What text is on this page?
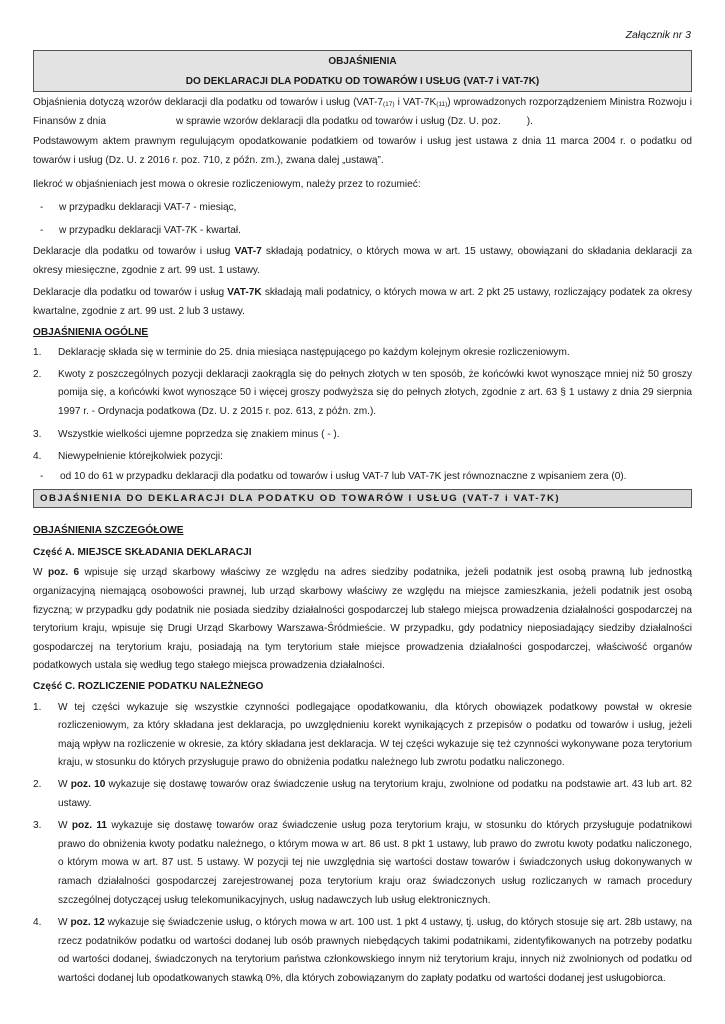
Załącznik nr 3
OBJAŚNIENIA
DO DEKLARACJI DLA PODATKU OD TOWARÓW I USŁUG (VAT-7 i VAT-7K)

Objaśnienia dotyczą wzorów deklaracji dla podatku od towarów i usług ($VAT-7_{(17)}$ i VAT-$7K_{(11)}$) wprowadzonych rozporządzeniem Ministra Rozwoju i Finansów z dnia	w sprawie wzorów deklaracji dla podatku od towarów i usług (Dz. U. poz.	).

Podstawowym aktem prawnym regulującym opodatkowanie podatkiem od towarów i usług jest ustawa z dnia 11 marca 2004 r. o podatku od towarów i usług (Dz. U. z 2016 r. poz. 710, z późn. zm.), zwana dalej „ustawą”.

Ilekroć w objaśnieniach jest mowa o okresie rozliczeniowym, należy przez to rozumieć:

-	w przypadku deklaracji VAT-7 - miesiąc,
-	w przypadku deklaracji VAT-7K - kwartał.

Deklaracje dla podatku od towarów i usług VAT-7 składają podatnicy, o których mowa w art. 15 ustawy, obowiązani do składania deklaracji za okresy miesięczne, zgodnie z art. 99 ust. 1 ustawy.

Deklaracje dla podatku od towarów i usług VAT-7K składają mali podatnicy, o których mowa w art. 2 pkt 25 ustawy, rozliczający podatek za okresy kwartalne, zgodnie z art. 99 ust. 2 lub 3 ustawy.

OBJAŚNIENIA OGÓLNE
1.	Deklarację składa się w terminie do 25. dnia miesiąca następującego po każdym kolejnym okresie rozliczeniowym.
2.	Kwoty z poszczególnych pozycji deklaracji zaokrągla się do pełnych złotych w ten sposób, że końcówki kwot wynoszące mniej niż 50 groszy pomija się, a końcówki kwot wynoszące 50 i więcej groszy podwyższa się do pełnych złotych, zgodnie z art. 63 § 1 ustawy z dnia 29 sierpnia 1997 r. - Ordynacja podatkowa (Dz. U. z 2015 r. poz. 613, z późn. zm.).
3.	Wszystkie wielkości ujemne poprzedza się znakiem minus ( - ).
4.	Niewypełnienie którejkolwiek pozycji:
-	od 10 do 61 w przypadku deklaracji dla podatku od towarów i usług VAT-7 lub VAT-7K jest równoznaczne z wpisaniem zera (0).
OBJAŚNIENIA DO DEKLARACJI DLA PODATKU OD TOWARÓW I USŁUG (VAT-7 i VAT-7K)
OBJAŚNIENIA SZCZEGÓŁOWE
Część A. MIEJSCE SKŁADANIA DEKLARACJI

W poz. 6 wpisuje się urząd skarbowy właściwy ze względu na adres siedziby podatnika, jeżeli podatnik jest osobą prawną lub jednostką organizacyjną niemającą osobowości prawnej, lub urząd skarbowy właściwy ze względu na miejsce zamieszkania, jeżeli podatnik jest osobą fizyczną; w przypadku gdy podatnik nie posiada siedziby działalności gospodarczej lub stałego miejsca prowadzenia działalności gospodarczej na terytorium kraju, wpisuje się Drugi Urząd Skarbowy Warszawa-Śródmieście. W przypadku, gdy podatnicy nieposiadający siedziby działalności gospodarczej na terytorium kraju, posiadają na tym terytorium stałe miejsce prowadzenia działalności gospodarczej, właściwość organów podatkowych ustala się według tego stałego miejsca prowadzenia działalności.

Część C. ROZLICZENIE PODATKU NALEŻNEGO
1.	W tej części wykazuje się wszystkie czynności podlegające opodatkowaniu, dla których obowiązek podatkowy powstał w okresie rozliczeniowym, za który składana jest deklaracja, po uwzględnieniu korekt wynikających z przepisów o podatku od towarów i usług, jeżeli mają wpływ na rozliczenie w okresie, za który składana jest deklaracja. W tej części wykazuje się też czynności wykonywane poza terytorium kraju, w stosunku do których przysługuje prawo do obniżenia podatku należnego lub zwrotu podatku naliczonego.
2.	W poz. 10 wykazuje się dostawę towarów oraz świadczenie usług na terytorium kraju, zwolnione od podatku na podstawie art. 43 lub art. 82 ustawy.
3.	W poz. 11 wykazuje się dostawę towarów oraz świadczenie usług poza terytorium kraju, w stosunku do których przysługuje podatnikowi prawo do obniżenia kwoty podatku należnego, o którym mowa w art. 86 ust. 8 pkt 1 ustawy, lub prawo do zwrotu kwoty podatku naliczonego, o którym mowa w art. 87 ust. 5 ustawy. W pozycji tej nie uwzględnia się wartości dostaw towarów i świadczonych usług dokonywanych w ramach działalności gospodarczej zarejestrowanej poza terytorium kraju oraz świadczonych usług rozliczanych w ramach procedury szczególnej dotyczącej usług telekomunikacyjnych, usług nadawczych lub usług elektronicznych.
4.	W poz. 12 wykazuje się świadczenie usług, o których mowa w art. 100 ust. 1 pkt 4 ustawy, tj. usług, do których stosuje się art. 28b ustawy, na rzecz podatników podatku od wartości dodanej lub osób prawnych niebędących takimi podatnikami, zidentyfikowanych na potrzeby podatku od wartości dodanej, świadczonych na terytorium państwa członkowskiego innym niż terytorium kraju, innych niż zwolnionych od podatku od wartości dodanej lub opodatkowanych stawką 0%, dla których zobowiązanym do zapłaty podatku od wartości dodanej jest usługobiorca.
